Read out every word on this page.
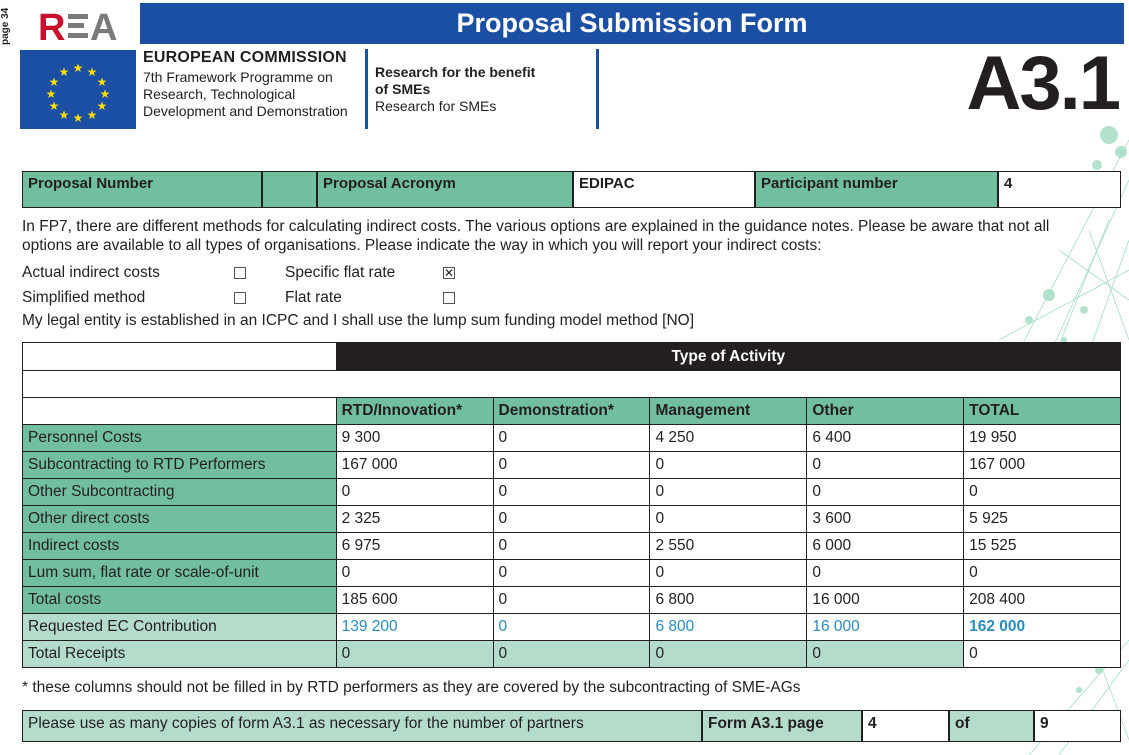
page 34 R A	Proposal Submission Form
★ ★
★
★
★
★
★
★
★
★
★
★
EUROPEAN COMMISSION
7th Framework Programme on
Research, Technological
Development and Demonstration
Research for the benefit
of SMEs
Research for SMEs	A3.1
Proposal Number	Proposal Acronym	EDIPAC	Participant number	4
In FP7, there are different methods for calculating indirect costs. The various options are explained in the guidance notes. Please be aware that not all options are available to all types of organisations. Please indicate the way in which you will report your indirect costs:
Actual indirect costs	Specific flat rate	✕
Simplified method	Flat rate
My legal entity is established in an ICPC and I shall use the lump sum funding model method [NO]
	Type of Activity				

	RTD/Innovation*	Demonstration*	Management	Other	TOTAL
Personnel Costs	9 300	0	4 250	6 400	19 950
Subcontracting to RTD Performers	167 000	0	0	0	167 000
Other Subcontracting	0	0	0	0	0
Other direct costs	2 325	0	0	3 600	5 925
Indirect costs	6 975	0	2 550	6 000	15 525
Lum sum, flat rate or scale-of-unit	0	0	0	0	0
Total costs	185 600	0	6 800	16 000	208 400
Requested EC Contribution	139 200	0	6 800	16 000	162 000
Total Receipts	0	0	0	0	0
* these columns should not be filled in by RTD performers as they are covered by the subcontracting of SME-AGs
Please use as many copies of form A3.1 as necessary for the number of partners	Form A3.1 page	4	of	9
